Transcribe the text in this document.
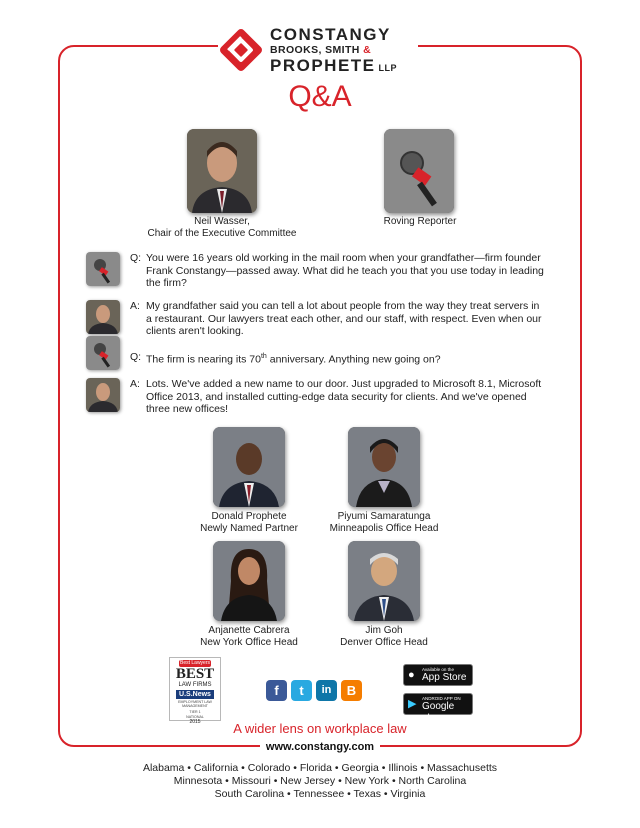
CONSTANGY
BROOKS, SMITH &
PROPHETE LLP
Q&A
Neil Wasser,
Chair of the Executive Committee
Roving Reporter
Q: You were 16 years old working in the mail room when your grandfather—firm founder Frank Constangy—passed away. What did he teach you that you use today in leading the firm?
A: My grandfather said you can tell a lot about people from the way they treat servers in a restaurant. Our lawyers treat each other, and our staff, with respect. Even when our clients aren't looking.
Q: The firm is nearing its 70th anniversary. Anything new going on?
A: Lots. We've added a new name to our door. Just upgraded to Microsoft 8.1, Microsoft Office 2013, and installed cutting-edge data security for clients. And we've opened three new offices!
Donald Prophete
Newly Named Partner
Piyumi Samaratunga
Minneapolis Office Head
Anjanette Cabrera
New York Office Head
Jim Goh
Denver Office Head
Best Lawyers
BEST
LAW FIRMS
U.S.News
EMPLOYMENT LAW MANAGEMENT
TIER 1
NATIONAL
2015
f	t	in	B
● Available on the
App Store
▶ ANDROID APP ON
Google play
A wider lens on workplace law
www.constangy.com
Alabama • California • Colorado • Florida • Georgia • Illinois • Massachusetts
Minnesota • Missouri • New Jersey • New York • North Carolina
South Carolina • Tennessee • Texas • Virginia
